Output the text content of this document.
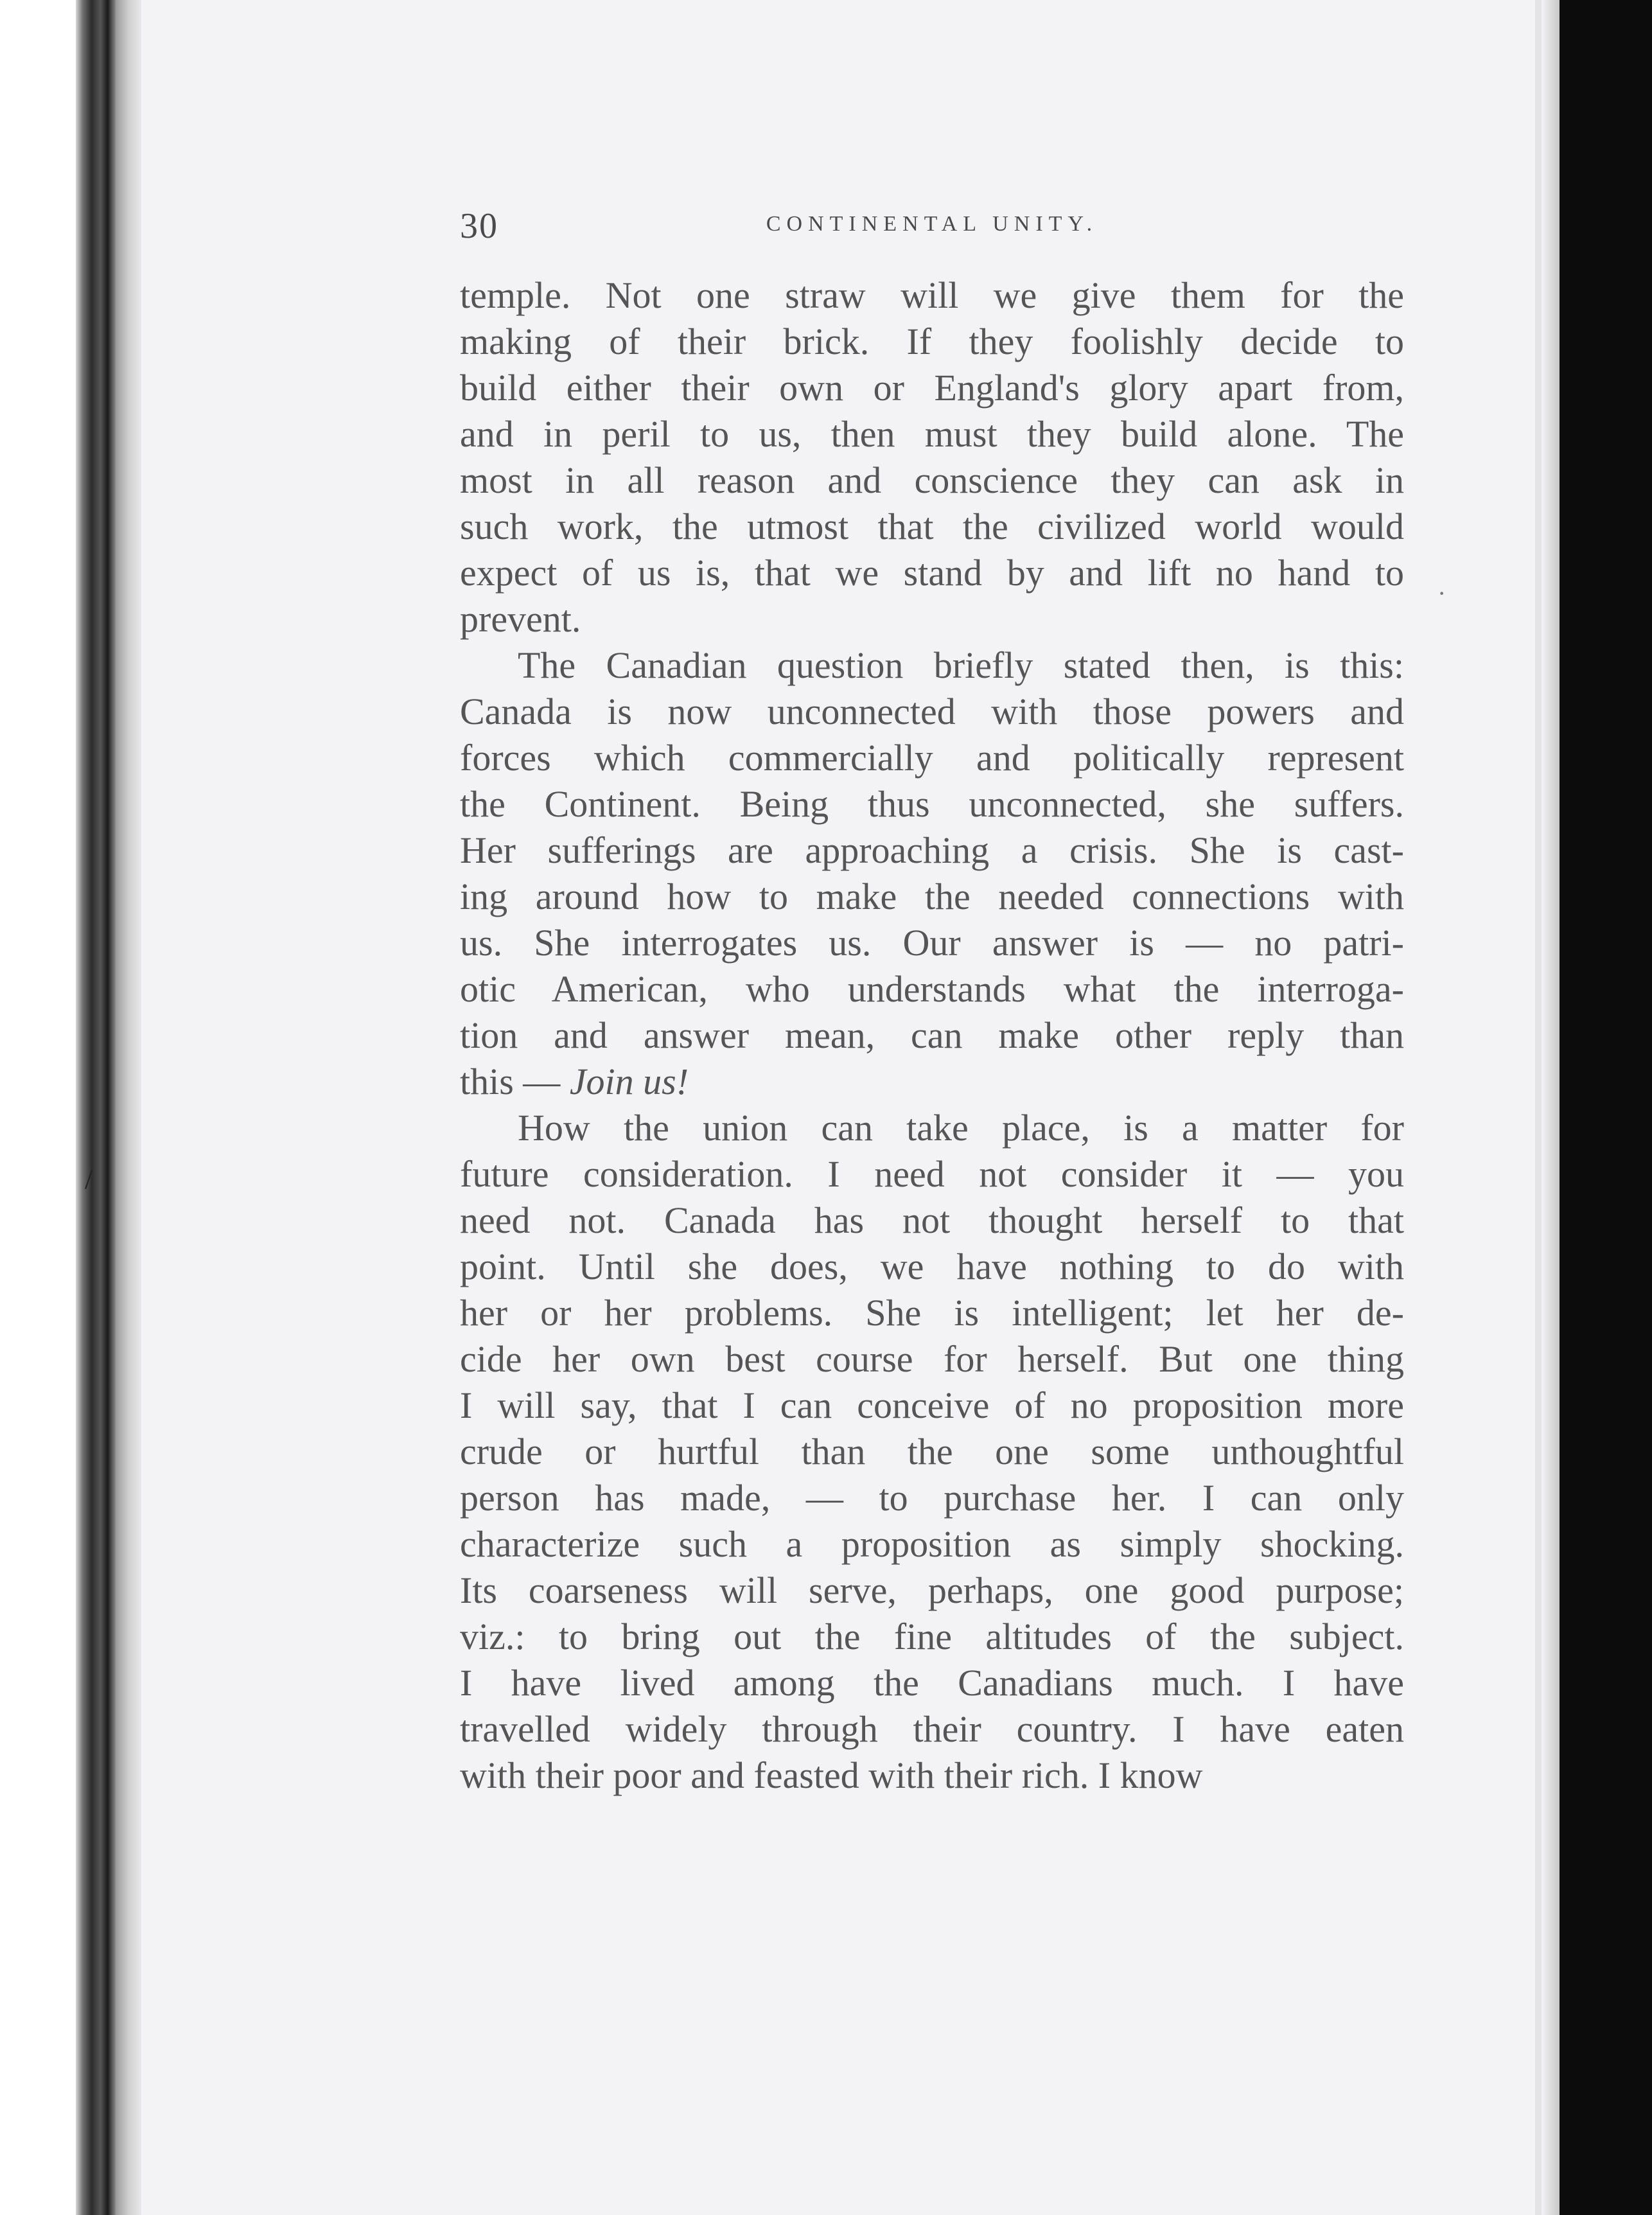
30	CONTINENTAL UNITY.
temple. Not one straw will we give them for the
making of their brick. If they foolishly decide to
build either their own or England's glory apart from,
and in peril to us, then must they build alone. The
most in all reason and conscience they can ask in
such work, the utmost that the civilized world would
expect of us is, that we stand by and lift no hand to
prevent.
The Canadian question briefly stated then, is this:
Canada is now unconnected with those powers and
forces which commercially and politically represent
the Continent. Being thus unconnected, she suffers.
Her sufferings are approaching a crisis. She is cast-
ing around how to make the needed connections with
us. She interrogates us. Our answer is — no patri-
otic American, who understands what the interroga-
tion and answer mean, can make other reply than
this — Join us!
How the union can take place, is a matter for
future consideration. I need not consider it — you
need not. Canada has not thought herself to that
point. Until she does, we have nothing to do with
her or her problems. She is intelligent; let her de-
cide her own best course for herself. But one thing
I will say, that I can conceive of no proposition more
crude or hurtful than the one some unthoughtful
person has made, — to purchase her. I can only
characterize such a proposition as simply shocking.
Its coarseness will serve, perhaps, one good purpose;
viz.: to bring out the fine altitudes of the subject.
I have lived among the Canadians much. I have
travelled widely through their country. I have eaten
with their poor and feasted with their rich. I know
·
/
